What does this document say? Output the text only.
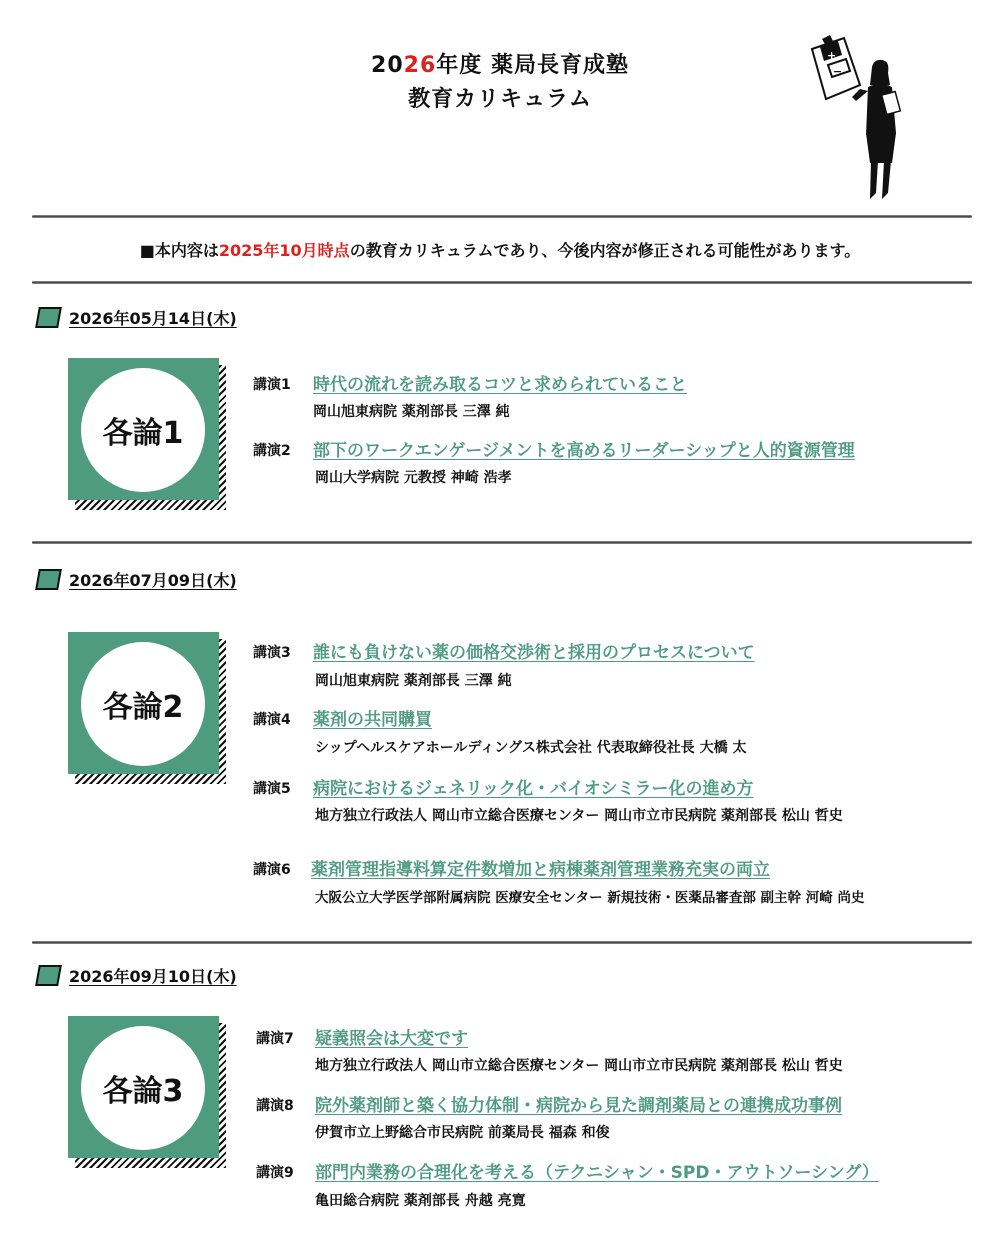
2026年度 薬局長育成塾
教育カリキュラム
+
−
■本内容は2025年10月時点の教育カリキュラムであり、今後内容が修正される可能性があります。
2026年05月14日(木)
各論1
講演1 時代の流れを読み取るコツと求められていること
岡山旭東病院 薬剤部長 三澤 純
講演2 部下のワークエンゲージメントを高めるリーダーシップと人的資源管理
岡山大学病院 元教授 神崎 浩孝
2026年07月09日(木)
各論2
講演3 誰にも負けない薬の価格交渉術と採用のプロセスについて
岡山旭東病院 薬剤部長 三澤 純
講演4 薬剤の共同購買
シップヘルスケアホールディングス株式会社 代表取締役社長 大橋 太
講演5 病院におけるジェネリック化・バイオシミラー化の進め方
地方独立行政法人 岡山市立総合医療センター 岡山市立市民病院 薬剤部長 松山 哲史
講演6 薬剤管理指導料算定件数増加と病棟薬剤管理業務充実の両立
大阪公立大学医学部附属病院 医療安全センター 新規技術・医薬品審査部 副主幹 河崎 尚史
2026年09月10日(木)
各論3
講演7 疑義照会は大変です
地方独立行政法人 岡山市立総合医療センター 岡山市立市民病院 薬剤部長 松山 哲史
講演8 院外薬剤師と築く協力体制・病院から見た調剤薬局との連携成功事例
伊賀市立上野総合市民病院 前薬局長 福森 和俊
講演9 部門内業務の合理化を考える（テクニシャン・SPD・アウトソーシング）
亀田総合病院 薬剤部長 舟越 亮寛
